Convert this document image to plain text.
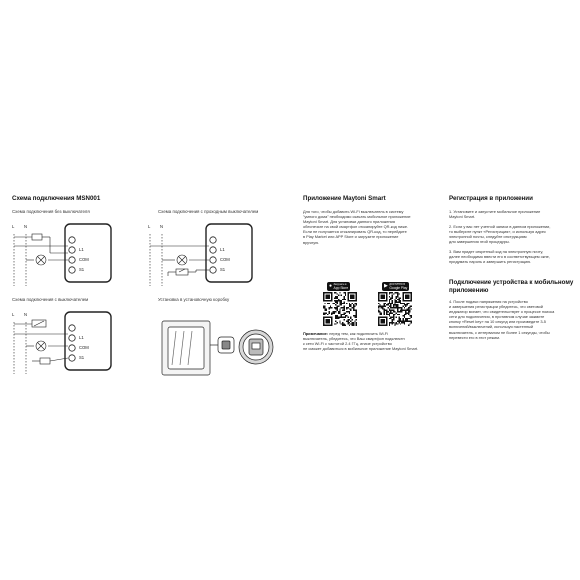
Схема подключения MSN001
Схема подключения без выключателя
L N
L1
COM
S1
Схема подключения с проходным выключателем
L N
L1
COM
S1
Схема подключения с выключателем
L N
L1
COM
S1
Установка в установочную коробку
Приложение Maytoni Smart
Для того, чтобы добавить Wi-Fi выключатель в систему
"умного дома" необходимо скачать мобильное приложение
Maytoni Smart. Для установки данного приложения
обеспечьте на свой смартфон отсканируйте QR-код ниже.
Если не получается отсканировать QR-код, то перейдите
в Play Market или APP Store и загрузите приложение
вручную.
● Загрузите в
App Store	▶ ДОСТУПНО В
Google Play
Примечание: перед тем, как подключить Wi-Fi
выключатель, убедитесь, что Ваш смартфон подключен
к сети Wi-Fi с частотой 2.4 ГГц, иначе устройство
не сможет добавиться в мобильное приложение Maytoni Smart.
Регистрация в приложении

1. Установите и запустите мобильное приложение
Maytoni Smart.

2. Если у вас нет учетной записи в данном приложении,
то выберите пункт «Регистрация», и используя адрес
электронной почты, следуйте инструкциям
для завершения этой процедуры.

3. Вам придет секретный код на электронную почту,
далее необходимо ввести его в соответствующем окне,
придумать пароль и завершить регистрацию.

Подключение устройства к мобильному
приложению
4. После подачи напряжения на устройство
и завершения регистрации убедитесь, что световой
индикатор мигает, что свидетельствует о процессе поиска
сети для подключения, в противном случае зажмите
кнопку «Reset key» на 10 секунд или произведите 3-5
включений/выключений, используя настенный
выключатель, с интервалом не более 1 секунды, чтобы
перевести его в этот режим.
